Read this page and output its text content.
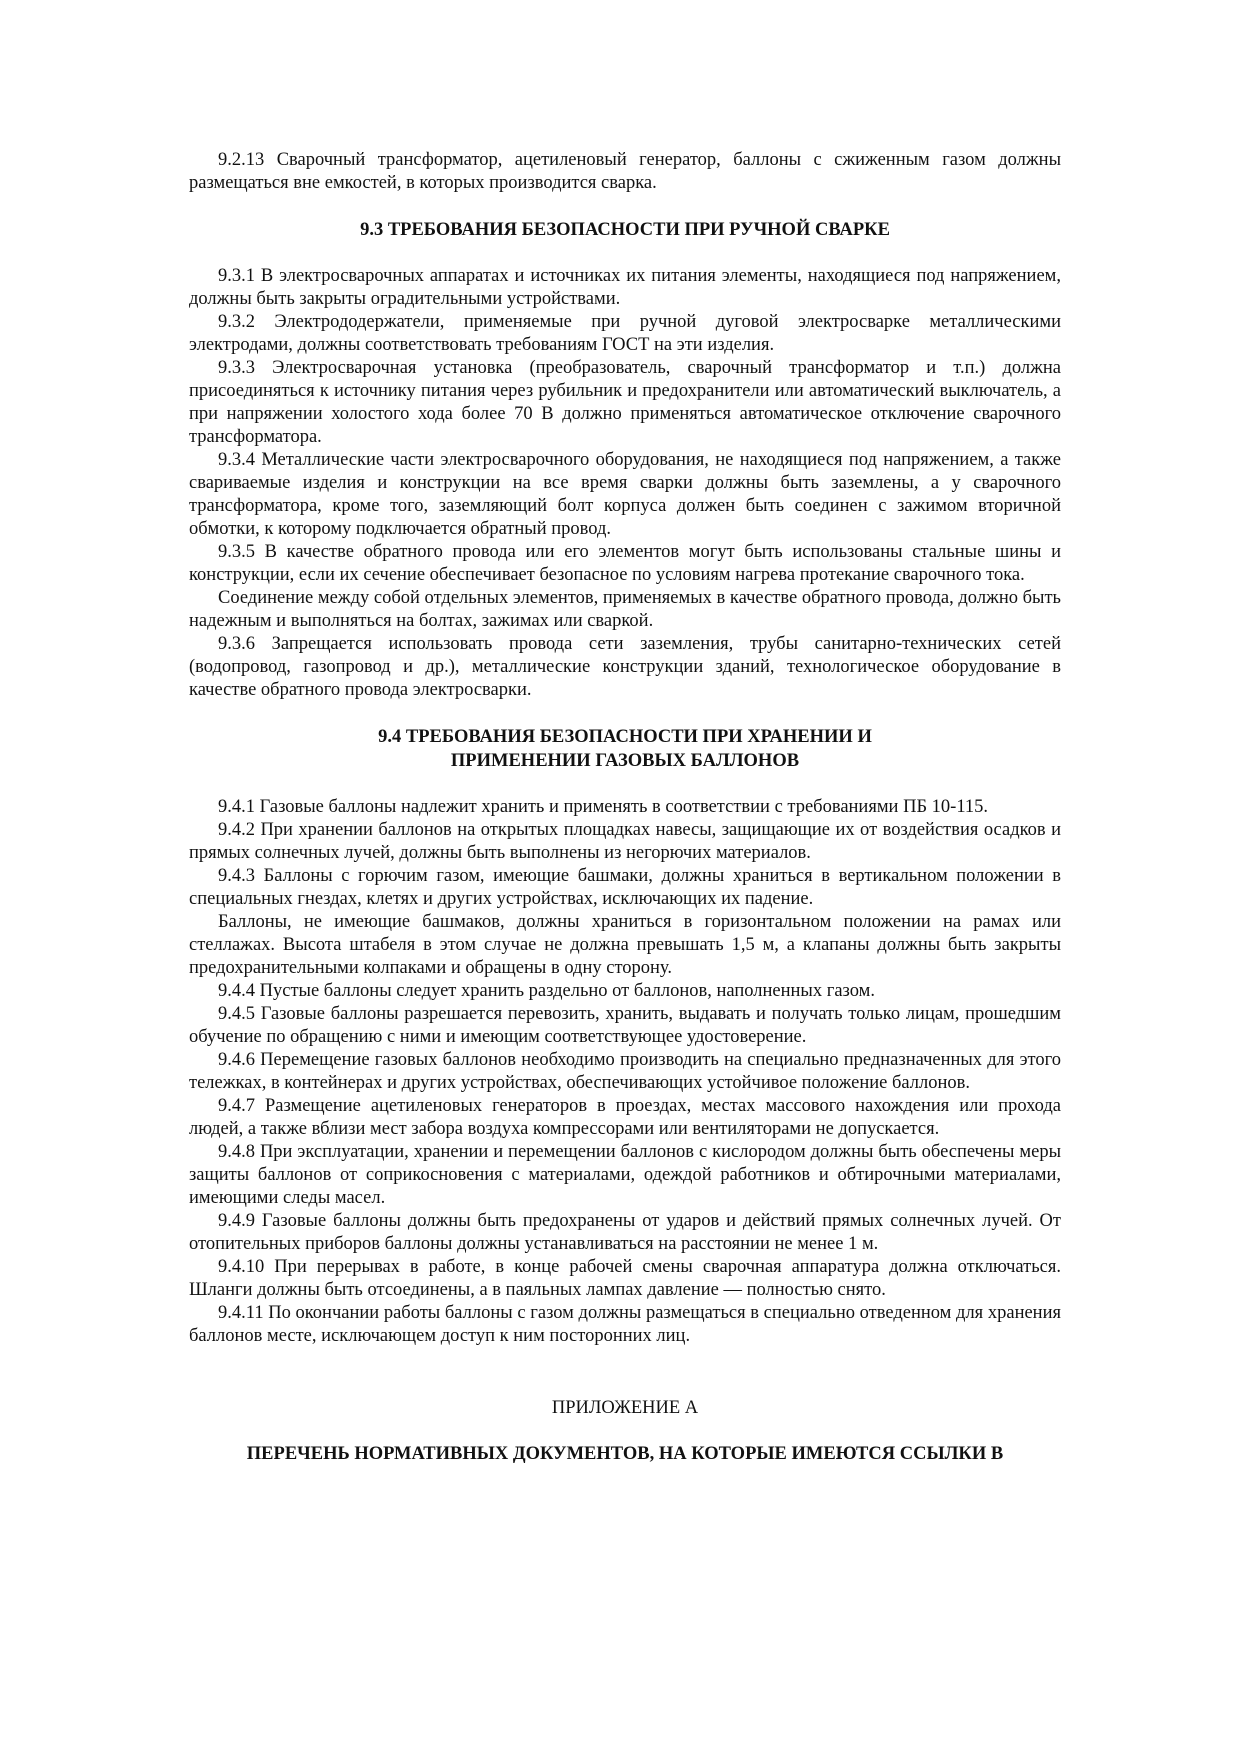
9.2.13 Сварочный трансформатор, ацетиленовый генератор, баллоны с сжиженным газом должны размещаться вне емкостей, в которых производится сварка.

9.3 ТРЕБОВАНИЯ БЕЗОПАСНОСТИ ПРИ РУЧНОЙ СВАРКЕ

9.3.1 В электросварочных аппаратах и источниках их питания элементы, находящиеся под напряжением, должны быть закрыты оградительными устройствами.

9.3.2 Электрододержатели, применяемые при ручной дуговой электросварке металлическими электродами, должны соответствовать требованиям ГОСТ на эти изделия.

9.3.3 Электросварочная установка (преобразователь, сварочный трансформатор и т.п.) должна присоединяться к источнику питания через рубильник и предохранители или автоматический выключатель, а при напряжении холостого хода более 70 В должно применяться автоматическое отключение сварочного трансформатора.

9.3.4 Металлические части электросварочного оборудования, не находящиеся под напряжением, а также свариваемые изделия и конструкции на все время сварки должны быть заземлены, а у сварочного трансформатора, кроме того, заземляющий болт корпуса должен быть соединен с зажимом вторичной обмотки, к которому подключается обратный провод.

9.3.5 В качестве обратного провода или его элементов могут быть использованы стальные шины и конструкции, если их сечение обеспечивает безопасное по условиям нагрева протекание сварочного тока.

Соединение между собой отдельных элементов, применяемых в качестве обратного провода, должно быть надежным и выполняться на болтах, зажимах или сваркой.

9.3.6 Запрещается использовать провода сети заземления, трубы санитарно-технических сетей (водопровод, газопровод и др.), металлические конструкции зданий, технологическое оборудование в качестве обратного провода электросварки.

9.4 ТРЕБОВАНИЯ БЕЗОПАСНОСТИ ПРИ ХРАНЕНИИ И
ПРИМЕНЕНИИ ГАЗОВЫХ БАЛЛОНОВ

9.4.1 Газовые баллоны надлежит хранить и применять в соответствии с требованиями ПБ 10-115.

9.4.2 При хранении баллонов на открытых площадках навесы, защищающие их от воздействия осадков и прямых солнечных лучей, должны быть выполнены из негорючих материалов.

9.4.3 Баллоны с горючим газом, имеющие башмаки, должны храниться в вертикальном положении в специальных гнездах, клетях и других устройствах, исключающих их падение.

Баллоны, не имеющие башмаков, должны храниться в горизонтальном положении на рамах или стеллажах. Высота штабеля в этом случае не должна превышать 1,5 м, а клапаны должны быть закрыты предохранительными колпаками и обращены в одну сторону.

9.4.4 Пустые баллоны следует хранить раздельно от баллонов, наполненных газом.

9.4.5 Газовые баллоны разрешается перевозить, хранить, выдавать и получать только лицам, прошедшим обучение по обращению с ними и имеющим соответствующее удостоверение.

9.4.6 Перемещение газовых баллонов необходимо производить на специально предназначенных для этого тележках, в контейнерах и других устройствах, обеспечивающих устойчивое положение баллонов.

9.4.7 Размещение ацетиленовых генераторов в проездах, местах массового нахождения или прохода людей, а также вблизи мест забора воздуха компрессорами или вентиляторами не допускается.

9.4.8 При эксплуатации, хранении и перемещении баллонов с кислородом должны быть обеспечены меры защиты баллонов от соприкосновения с материалами, одеждой работников и обтирочными материалами, имеющими следы масел.

9.4.9 Газовые баллоны должны быть предохранены от ударов и действий прямых солнечных лучей. От отопительных приборов баллоны должны устанавливаться на расстоянии не менее 1 м.

9.4.10 При перерывах в работе, в конце рабочей смены сварочная аппаратура должна отключаться. Шланги должны быть отсоединены, а в паяльных лампах давление — полностью снято.

9.4.11 По окончании работы баллоны с газом должны размещаться в специально отведенном для хранения баллонов месте, исключающем доступ к ним посторонних лиц.

ПРИЛОЖЕНИЕ А

ПЕРЕЧЕНЬ НОРМАТИВНЫХ ДОКУМЕНТОВ, НА КОТОРЫЕ ИМЕЮТСЯ ССЫЛКИ В
